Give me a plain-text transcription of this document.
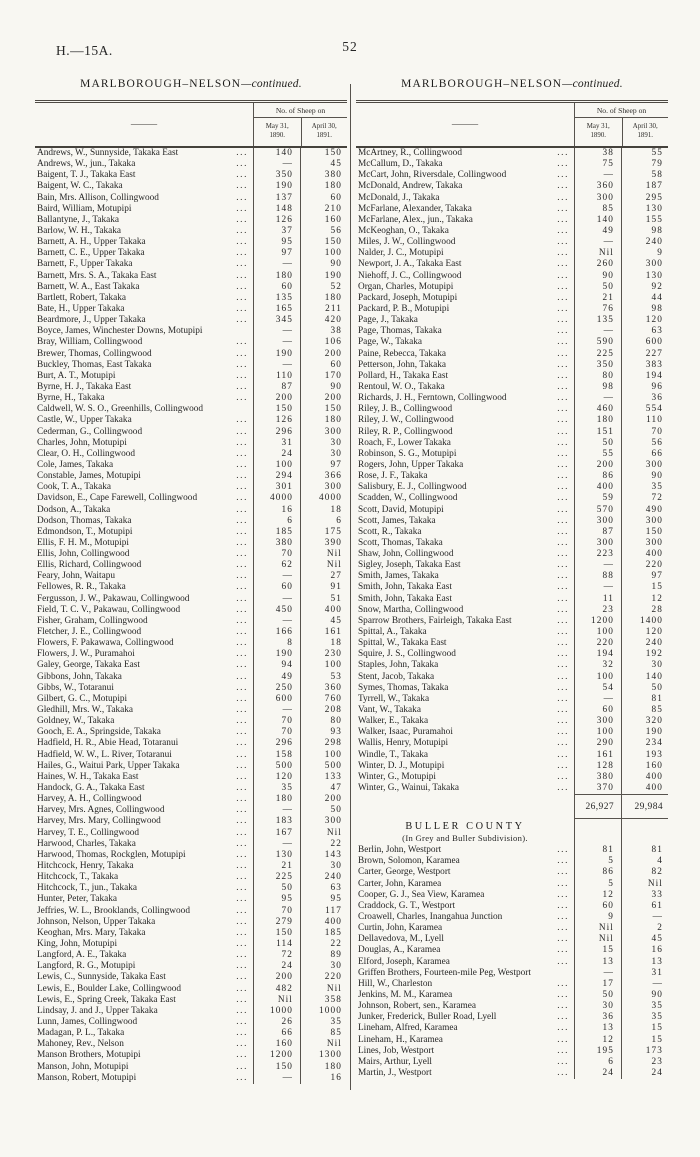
H.—15A.	52
MARLBOROUGH–NELSON—continued.
—
No. of Sheep on
May 31,
1890.
April 30,
1891.
Andrews, W., Sunnyside, Takaka East	...	140	150
Andrews, W., jun., Takaka	...	—	45
Baigent, T. J., Takaka East	...	350	380
Baigent, W. C., Takaka	...	190	180
Bain, Mrs. Allison, Collingwood	...	137	60
Baird, William, Motupipi	...	148	210
Ballantyne, J., Takaka	...	126	160
Barlow, W. H., Takaka	...	37	56
Barnett, A. H., Upper Takaka	...	95	150
Barnett, C. E., Upper Takaka	...	97	100
Barnett, F., Upper Takaka	...	—	90
Barnett, Mrs. S. A., Takaka East	...	180	190
Barnett, W. A., East Takaka	...	60	52
Bartlett, Robert, Takaka	...	135	180
Bate, H., Upper Takaka	...	165	211
Beardmore, J., Upper Takaka	...	345	420
Boyce, James, Winchester Downs, Motupipi	—	38
Bray, William, Collingwood	...	—	106
Brewer, Thomas, Collingwood	...	190	200
Buckley, Thomas, East Takaka	...	—	60
Burt, A. T., Motupipi	...	110	170
Byrne, H. J., Takaka East	...	87	90
Byrne, H., Takaka	...	200	200
Caldwell, W. S. O., Greenhills, Collingwood	150	150
Castle, W., Upper Takaka	...	126	180
Cederman, G., Collingwood	...	296	300
Charles, John, Motupipi	...	31	30
Clear, O. H., Collingwood	...	24	30
Cole, James, Takaka	...	100	97
Constable, James, Motupipi	...	294	366
Cook, T. A., Takaka	...	301	300
Davidson, E., Cape Farewell, Collingwood	...	4000	4000
Dodson, A., Takaka	...	16	18
Dodson, Thomas, Takaka	...	6	6
Edmondson, T., Motupipi	...	185	175
Ellis, F. H. M., Motupipi	...	380	390
Ellis, John, Collingwood	...	70	Nil
Ellis, Richard, Collingwood	...	62	Nil
Feary, John, Waitapu	...	—	27
Fellowes, R. R., Takaka	...	60	91
Fergusson, J. W., Pakawau, Collingwood	...	—	51
Field, T. C. V., Pakawau, Collingwood	...	450	400
Fisher, Graham, Collingwood	...	—	45
Fletcher, J. E., Collingwood	...	166	161
Flowers, F. Pakawawa, Collingwood	...	8	18
Flowers, J. W., Puramahoi	...	190	230
Galey, George, Takaka East	...	94	100
Gibbons, John, Takaka	...	49	53
Gibbs, W., Totaranui	...	250	360
Gilbert, G. C., Motupipi	...	600	760
Gledhill, Mrs. W., Takaka	...	—	208
Goldney, W., Takaka	...	70	80
Gooch, E. A., Springside, Takaka	...	70	93
Hadfield, H. R., Abie Head, Totaranui	...	296	298
Hadfield, W. W., L. River, Totaranui	...	158	100
Hailes, G., Waitui Park, Upper Takaka	...	500	500
Haines, W. H., Takaka East	...	120	133
Handock, G. A., Takaka East	...	35	47
Harvey, A. H., Collingwood	...	180	200
Harvey, Mrs. Agnes, Collingwood	...	—	50
Harvey, Mrs. Mary, Collingwood	...	183	300
Harvey, T. E., Collingwood	...	167	Nil
Harwood, Charles, Takaka	...	—	22
Harwood, Thomas, Rockglen, Motupipi	...	130	143
Hitchcock, Henry, Takaka	...	21	30
Hitchcock, T., Takaka	...	225	240
Hitchcock, T., jun., Takaka	...	50	63
Hunter, Peter, Takaka	...	95	95
Jeffries, W. L., Brooklands, Collingwood	...	70	117
Johnson, Nelson, Upper Takaka	...	279	400
Keoghan, Mrs. Mary, Takaka	...	150	185
King, John, Motupipi	...	114	22
Langford, A. E., Takaka	...	72	89
Langford, R. G., Motupipi	...	24	30
Lewis, C., Sunnyside, Takaka East	...	200	220
Lewis, E., Boulder Lake, Collingwood	...	482	Nil
Lewis, E., Spring Creek, Takaka East	...	Nil	358
Lindsay, J. and J., Upper Takaka	...	1000	1000
Lunn, James, Collingwood	...	26	35
Madagan, P. L., Takaka	...	66	85
Mahoney, Rev., Nelson	...	160	Nil
Manson Brothers, Motupipi	...	1200	1300
Manson, John, Motupipi	...	150	180
Manson, Robert, Motupipi	...	—	16
MARLBOROUGH–NELSON—continued.
—
No. of Sheep on
May 31,
1890.
April 30,
1891.
McArtney, R., Collingwood	...	38	55
McCallum, D., Takaka	...	75	79
McCart, John, Riversdale, Collingwood	...	—	58
McDonald, Andrew, Takaka	...	360	187
McDonald, J., Takaka	...	300	295
McFarlane, Alexander, Takaka	...	85	130
McFarlane, Alex., jun., Takaka	...	140	155
McKeoghan, O., Takaka	...	49	98
Miles, J. W., Collingwood	...	—	240
Nalder, J. C., Motupipi	...	Nil	9
Newport, J. A., Takaka East	...	260	300
Niehoff, J. C., Collingwood	...	90	130
Organ, Charles, Motupipi	...	50	92
Packard, Joseph, Motupipi	...	21	44
Packard, P. B., Motupipi	...	76	98
Page, J., Takaka	...	135	120
Page, Thomas, Takaka	...	—	63
Page, W., Takaka	...	590	600
Paine, Rebecca, Takaka	...	225	227
Petterson, John, Takaka	...	350	383
Pollard, H., Takaka East	...	80	194
Rentoul, W. O., Takaka	...	98	96
Richards, J. H., Ferntown, Collingwood	...	—	36
Riley, J. B., Collingwood	...	460	554
Riley, J. W., Collingwood	...	180	110
Riley, R. P., Collingwood	...	151	70
Roach, F., Lower Takaka	...	50	56
Robinson, S. G., Motupipi	...	55	66
Rogers, John, Upper Takaka	...	200	300
Rose, J. F., Takaka	...	86	90
Salisbury, E. J., Collingwood	...	400	35
Scadden, W., Collingwood	...	59	72
Scott, David, Motupipi	...	570	490
Scott, James, Takaka	...	300	300
Scott, R., Takaka	...	87	150
Scott, Thomas, Takaka	...	300	300
Shaw, John, Collingwood	...	223	400
Sigley, Joseph, Takaka East	...	—	220
Smith, James, Takaka	...	88	97
Smith, John, Takaka East	...	—	15
Smith, John, Takaka East	...	11	12
Snow, Martha, Collingwood	...	23	28
Sparrow Brothers, Fairleigh, Takaka East	...	1200	1400
Spittal, A., Takaka	...	100	120
Spittal, W., Takaka East	...	220	240
Squire, J. S., Collingwood	...	194	192
Staples, John, Takaka	...	32	30
Stent, Jacob, Takaka	...	100	140
Symes, Thomas, Takaka	...	54	50
Tyrrell, W., Takaka	...	—	81
Vant, W., Takaka	...	60	85
Walker, E., Takaka	...	300	320
Walker, Isaac, Puramahoi	...	100	190
Wallis, Henry, Motupipi	...	290	234
Windle, T., Takaka	...	161	193
Winter, D. J., Motupipi	...	128	160
Winter, G., Motupipi	...	380	400
Winter, G., Wainui, Takaka	...	370	400
26,927	29,984
BULLER COUNTY
(In Grey and Buller Subdivision).
Berlin, John, Westport	...	81	81
Brown, Solomon, Karamea	...	5	4
Carter, George, Westport	...	86	82
Carter, John, Karamea	...	5	Nil
Cooper, G. J., Sea View, Karamea	...	12	33
Craddock, G. T., Westport	...	60	61
Croawell, Charles, Inangahua Junction	...	9	—
Curtin, John, Karamea	...	Nil	2
Dellavedova, M., Lyell	...	Nil	45
Douglas, A., Karamea	...	15	16
Elford, Joseph, Karamea	...	13	13
Griffen Brothers, Fourteen-mile Peg, Westport	—	31
Hill, W., Charleston	...	17	—
Jenkins, M. M., Karamea	...	50	90
Johnson, Robert, sen., Karamea	...	30	35
Junker, Frederick, Buller Road, Lyell	...	36	35
Lineham, Alfred, Karamea	...	13	15
Lineham, H., Karamea	...	12	15
Lines, Job, Westport	...	195	173
Mairs, Arthur, Lyell	...	6	23
Martin, J., Westport	...	24	24
